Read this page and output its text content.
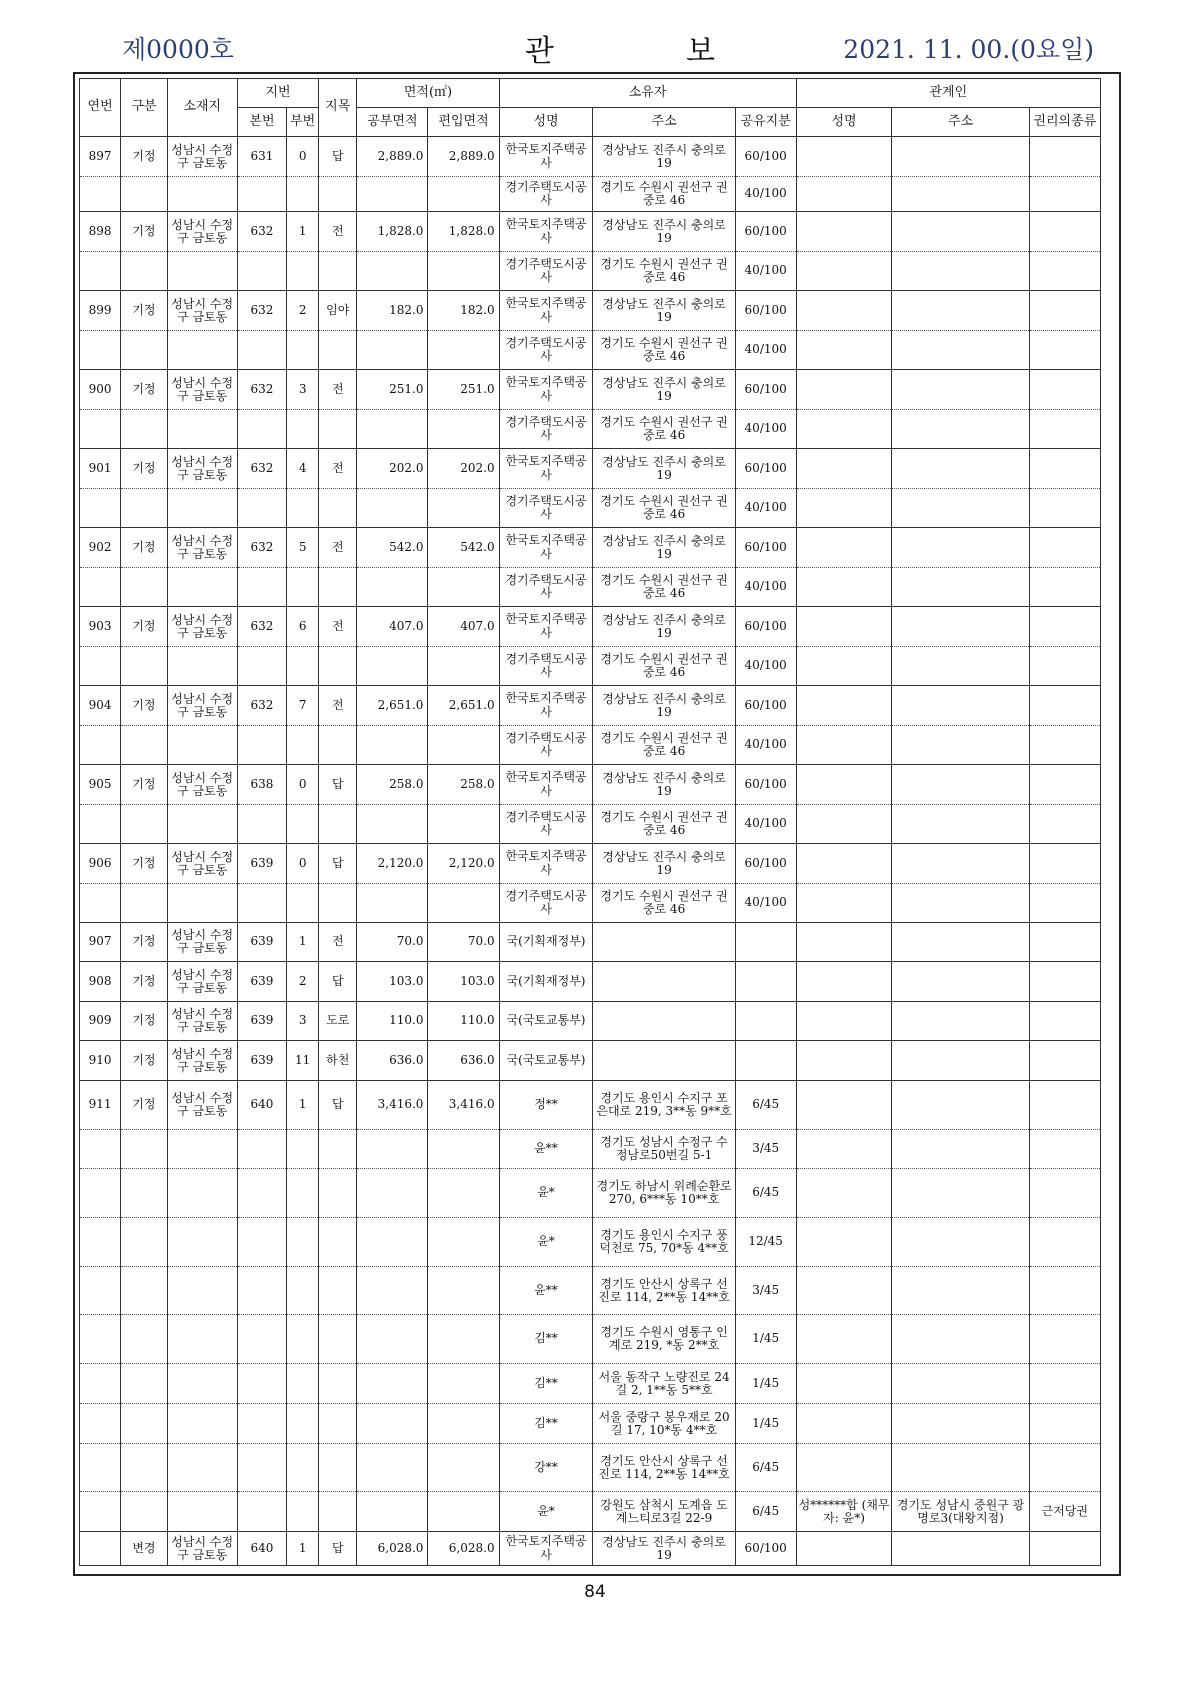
제0000호	관	보	2021. 11. 00.(0요일)
연번	구분	소재지	지번		지목	면적(㎡)		소유자			관계인		
			본번	부번		공부면적	편입면적	성명	주소	공유지분	성명	주소	권리의종류
897	기정	성남시 수정구 금토동	631	0	답	2,889.0	2,889.0	한국토지주택공사	경상남도 진주시 충의로 19	60/100			
								경기주택도시공사	경기도 수원시 권선구 권중로 46	40/100			
898	기정	성남시 수정구 금토동	632	1	전	1,828.0	1,828.0	한국토지주택공사	경상남도 진주시 충의로 19	60/100			
								경기주택도시공사	경기도 수원시 권선구 권중로 46	40/100			
899	기정	성남시 수정구 금토동	632	2	임야	182.0	182.0	한국토지주택공사	경상남도 진주시 충의로 19	60/100			
								경기주택도시공사	경기도 수원시 권선구 권중로 46	40/100			
900	기정	성남시 수정구 금토동	632	3	전	251.0	251.0	한국토지주택공사	경상남도 진주시 충의로 19	60/100			
								경기주택도시공사	경기도 수원시 권선구 권중로 46	40/100			
901	기정	성남시 수정구 금토동	632	4	전	202.0	202.0	한국토지주택공사	경상남도 진주시 충의로 19	60/100			
								경기주택도시공사	경기도 수원시 권선구 권중로 46	40/100			
902	기정	성남시 수정구 금토동	632	5	전	542.0	542.0	한국토지주택공사	경상남도 진주시 충의로 19	60/100			
								경기주택도시공사	경기도 수원시 권선구 권중로 46	40/100			
903	기정	성남시 수정구 금토동	632	6	전	407.0	407.0	한국토지주택공사	경상남도 진주시 충의로 19	60/100			
								경기주택도시공사	경기도 수원시 권선구 권중로 46	40/100			
904	기정	성남시 수정구 금토동	632	7	전	2,651.0	2,651.0	한국토지주택공사	경상남도 진주시 충의로 19	60/100			
								경기주택도시공사	경기도 수원시 권선구 권중로 46	40/100			
905	기정	성남시 수정구 금토동	638	0	답	258.0	258.0	한국토지주택공사	경상남도 진주시 충의로 19	60/100			
								경기주택도시공사	경기도 수원시 권선구 권중로 46	40/100			
906	기정	성남시 수정구 금토동	639	0	답	2,120.0	2,120.0	한국토지주택공사	경상남도 진주시 충의로 19	60/100			
								경기주택도시공사	경기도 수원시 권선구 권중로 46	40/100			
907	기정	성남시 수정구 금토동	639	1	전	70.0	70.0	국(기획재정부)					
908	기정	성남시 수정구 금토동	639	2	답	103.0	103.0	국(기획재정부)					
909	기정	성남시 수정구 금토동	639	3	도로	110.0	110.0	국(국토교통부)					
910	기정	성남시 수정구 금토동	639	11	하천	636.0	636.0	국(국토교통부)					
911	기정	성남시 수정구 금토동	640	1	답	3,416.0	3,416.0	정**	경기도 용인시 수지구 포은대로 219, 3**동 9**호	6/45			
								윤**	경기도 성남시 수정구 수정남로50번길 5-1	3/45			
								윤*	경기도 하남시 위례순환로 270, 6***동 10**호	6/45			
								윤*	경기도 용인시 수지구 풍덕천로 75, 70*동 4**호	12/45			
								윤**	경기도 안산시 상록구 선진로 114, 2**동 14**호	3/45			
								김**	경기도 수원시 영통구 인계로 219, *동 2**호	1/45			
								김**	서울 동작구 노량진로 24길 2, 1**동 5**호	1/45			
								김**	서울 중랑구 봉우재로 20길 17, 10*동 4**호	1/45			
								강**	경기도 안산시 상록구 선진로 114, 2**동 14**호	6/45			
								윤*	강원도 삼척시 도계읍 도계느티로3길 22-9	6/45	성******합 (채무자: 윤*)	경기도 성남시 중원구 광명로3(대왕지점)	근저당권
	변경	성남시 수정구 금토동	640	1	답	6,028.0	6,028.0	한국토지주택공사	경상남도 진주시 충의로 19	60/100			
84
